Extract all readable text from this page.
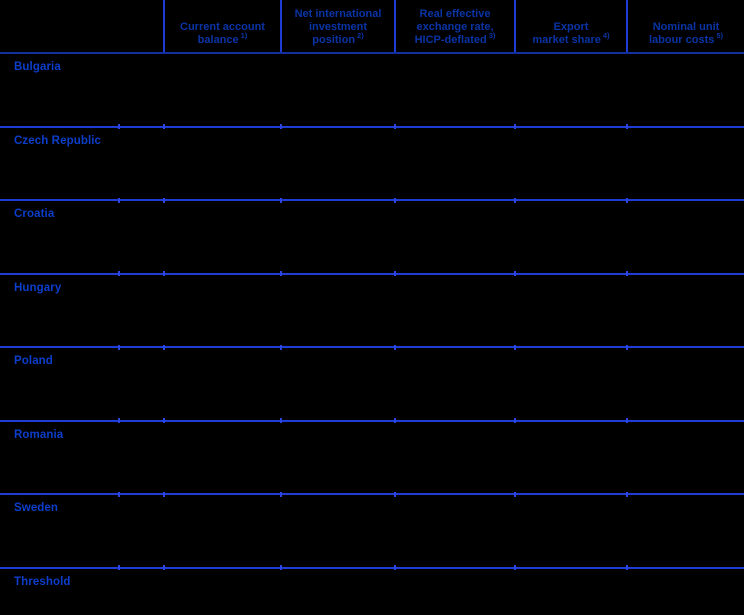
Current account
balance $^{1)}$
Net international
investment
position $^{2)}$
Real effective
exchange rate,
HICP-deflated $^{3)}$
Export
market share $^{4)}$
Nominal unit
labour costs $^{5)}$
Bulgaria
Czech Republic
Croatia
Hungary
Poland
Romania
Sweden
Threshold
